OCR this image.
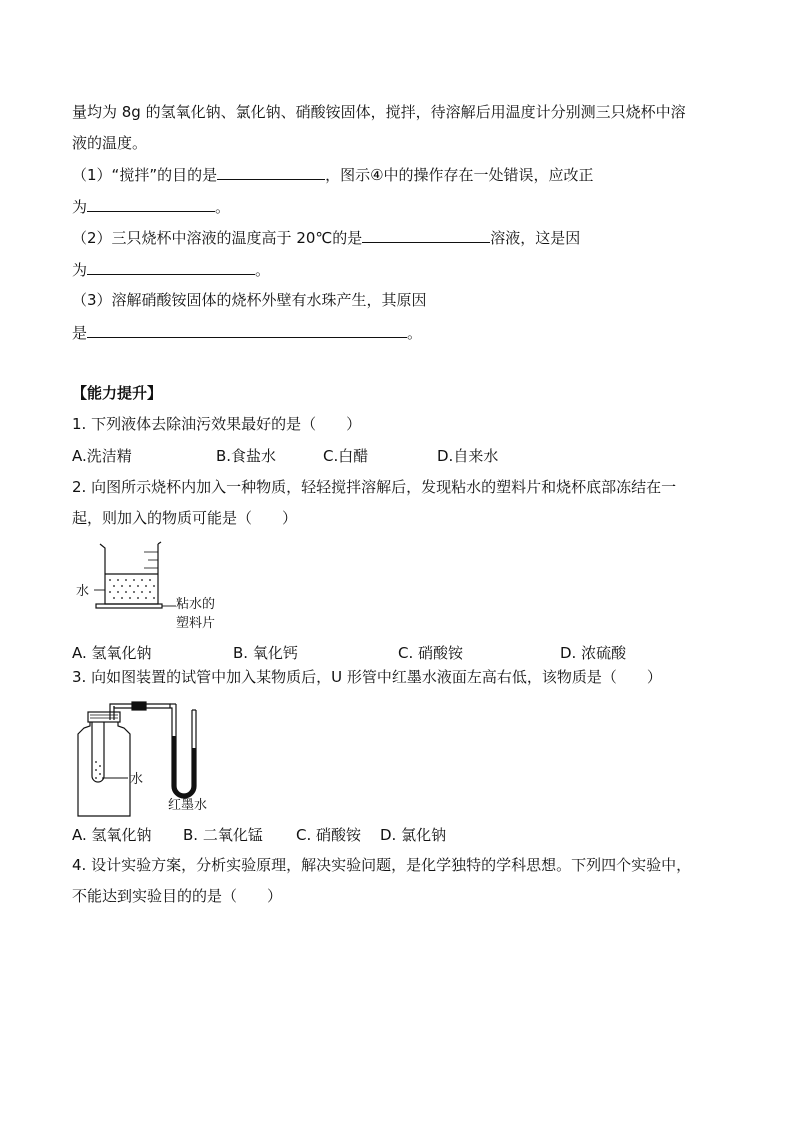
量均为 8g 的氢氧化钠、氯化钠、硝酸铵固体，搅拌，待溶解后用温度计分别测三只烧杯中溶
液的温度。
（1）“搅拌”的目的是	，图示④中的操作存在一处错误，应改正
为	。
（2）三只烧杯中溶液的温度高于 20℃的是	溶液，这是因
为	。
（3）溶解硝酸铵固体的烧杯外壁有水珠产生，其原因
是	。
【能力提升】
1. 下列液体去除油污效果最好的是（　　）
A.洗洁精	B.食盐水	C.白醋	D.自来水
2. 向图所示烧杯内加入一种物质，轻轻搅拌溶解后，发现粘水的塑料片和烧杯底部冻结在一
起，则加入的物质可能是（　　）
水
粘水的
塑料片
A. 氢氧化钠	B. 氧化钙	C. 硝酸铵	D. 浓硫酸
3. 向如图装置的试管中加入某物质后，U 形管中红墨水液面左高右低，该物质是（　　）
水
红墨水
A. 氢氧化钠 B. 二氧化锰 C. 硝酸铵 D. 氯化钠
4. 设计实验方案，分析实验原理，解决实验问题，是化学独特的学科思想。下列四个实验中，
不能达到实验目的的是（　　）
